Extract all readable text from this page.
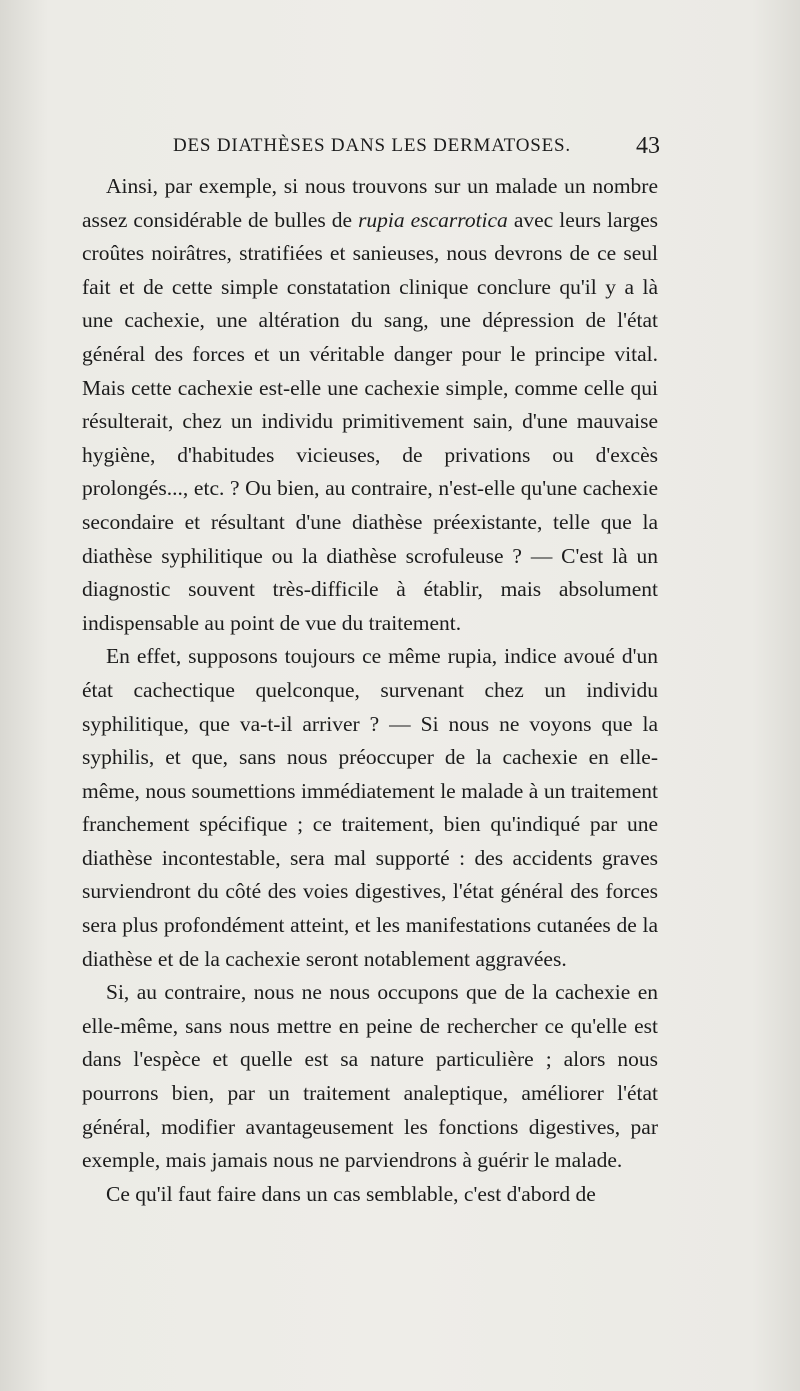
DES DIATHÈSES DANS LES DERMATOSES.	43

Ainsi, par exemple, si nous trouvons sur un malade un nombre assez considérable de bulles de rupia escarrotica avec leurs larges croûtes noirâtres, stratifiées et sanieuses, nous devrons de ce seul fait et de cette simple constatation clinique conclure qu'il y a là une cachexie, une altération du sang, une dépression de l'état général des forces et un véritable danger pour le principe vital. Mais cette cachexie est-elle une cachexie simple, comme celle qui résulterait, chez un individu primitivement sain, d'une mauvaise hygiène, d'habitudes vicieuses, de privations ou d'excès prolongés..., etc. ? Ou bien, au contraire, n'est-elle qu'une cachexie secondaire et résultant d'une diathèse préexistante, telle que la diathèse syphilitique ou la diathèse scrofuleuse ? — C'est là un diagnostic souvent très-difficile à établir, mais absolument indispensable au point de vue du traitement.

En effet, supposons toujours ce même rupia, indice avoué d'un état cachectique quelconque, survenant chez un individu syphilitique, que va-t-il arriver ? — Si nous ne voyons que la syphilis, et que, sans nous préoccuper de la cachexie en elle-même, nous soumettions immédiatement le malade à un traitement franchement spécifique ; ce traitement, bien qu'indiqué par une diathèse incontestable, sera mal supporté : des accidents graves surviendront du côté des voies digestives, l'état général des forces sera plus profondément atteint, et les manifestations cutanées de la diathèse et de la cachexie seront notablement aggravées.

Si, au contraire, nous ne nous occupons que de la cachexie en elle-même, sans nous mettre en peine de rechercher ce qu'elle est dans l'espèce et quelle est sa nature particulière ; alors nous pourrons bien, par un traitement analeptique, améliorer l'état général, modifier avantageusement les fonctions digestives, par exemple, mais jamais nous ne parviendrons à guérir le malade.

Ce qu'il faut faire dans un cas semblable, c'est d'abord de
